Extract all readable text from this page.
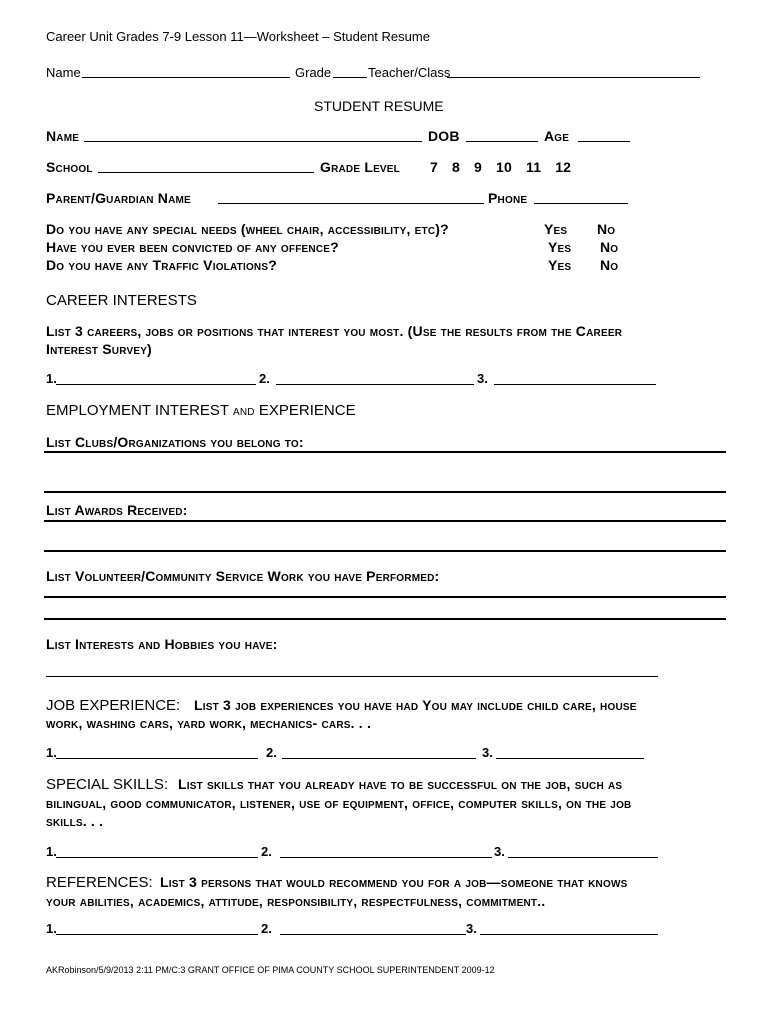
Career Unit Grades 7-9 Lesson 11—Worksheet – Student Resume
Name	Grade	Teacher/Class
STUDENT RESUME
Name	DOB	Age
School	Grade Level 7 8 9 10 11 12
Parent/Guardian Name	Phone
Do you have any special needs (wheel chair, accessibility, etc)?	Yes No
Have you ever been convicted of any offence?	Yes No
Do you have any Traffic Violations?	Yes No
CAREER INTERESTS
List 3 careers, jobs or positions that interest you most. (Use the results from the Career
Interest Survey)
1.	2.	3.
EMPLOYMENT INTEREST and EXPERIENCE
List Clubs/Organizations you belong to:
List Awards Received:
List Volunteer/Community Service Work you have Performed:
List Interests and Hobbies you have:
JOB EXPERIENCE: List 3 job experiences you have had You may include child care, house
work, washing cars, yard work, mechanics- cars. . .
1.	2.	3.
SPECIAL SKILLS: List skills that you already have to be successful on the job, such as
bilingual, good communicator, listener, use of equipment, office, computer skills, on the job
skills. . .
1.	2.	3.
REFERENCES: List 3 persons that would recommend you for a job—someone that knows
your abilities, academics, attitude, responsibility, respectfulness, commitment..
1.	2.	3.
AKRobinson/5/9/2013 2:11 PM/C:3 GRANT OFFICE OF PIMA COUNTY SCHOOL SUPERINTENDENT 2009-12
